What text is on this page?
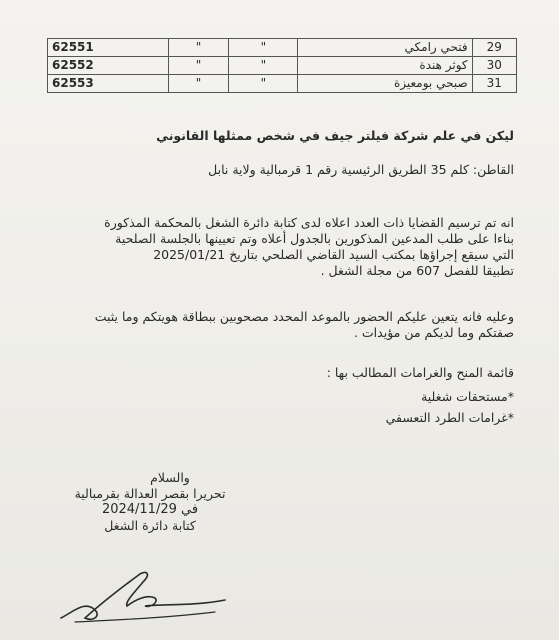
62551	"	"	فتحي رامكي	29
62552	"	"	كوثر هندة	30
62553	"	"	صبحي بومعيزة	31

ليكن في علم شركة فيلتر جيف في شخص ممثلها القانوني

القاطن: كلم 35 الطريق الرئيسية رقم 1 قرمبالية ولاية نابل

انه تم ترسيم القضايا ذات العدد اعلاه لدى كتابة دائرة الشغل بالمحكمة المذكورة
بناءا على طلب المدعين المذكورين بالجدول أعلاه وتم تعيينها بالجلسة الصلحية
التي سيقع إجراؤها بمكتب السيد القاضي الصلحي بتاريخ 2025/01/21
تطبيقا للفصل 607 من مجلة الشغل .
وعليه فانه يتعين عليكم الحضور بالموعد المحدد مصحوبين ببطاقة هويتكم وما يثبت
صفتكم وما لديكم من مؤيدات .

قائمة المنح والغرامات المطالب بها :

*مستحقات شغلية

*غرامات الطرد التعسفي

والسلام
تحريرا بقصر العدالة بقرمبالية
في 2024/11/29
كتابة دائرة الشغل
